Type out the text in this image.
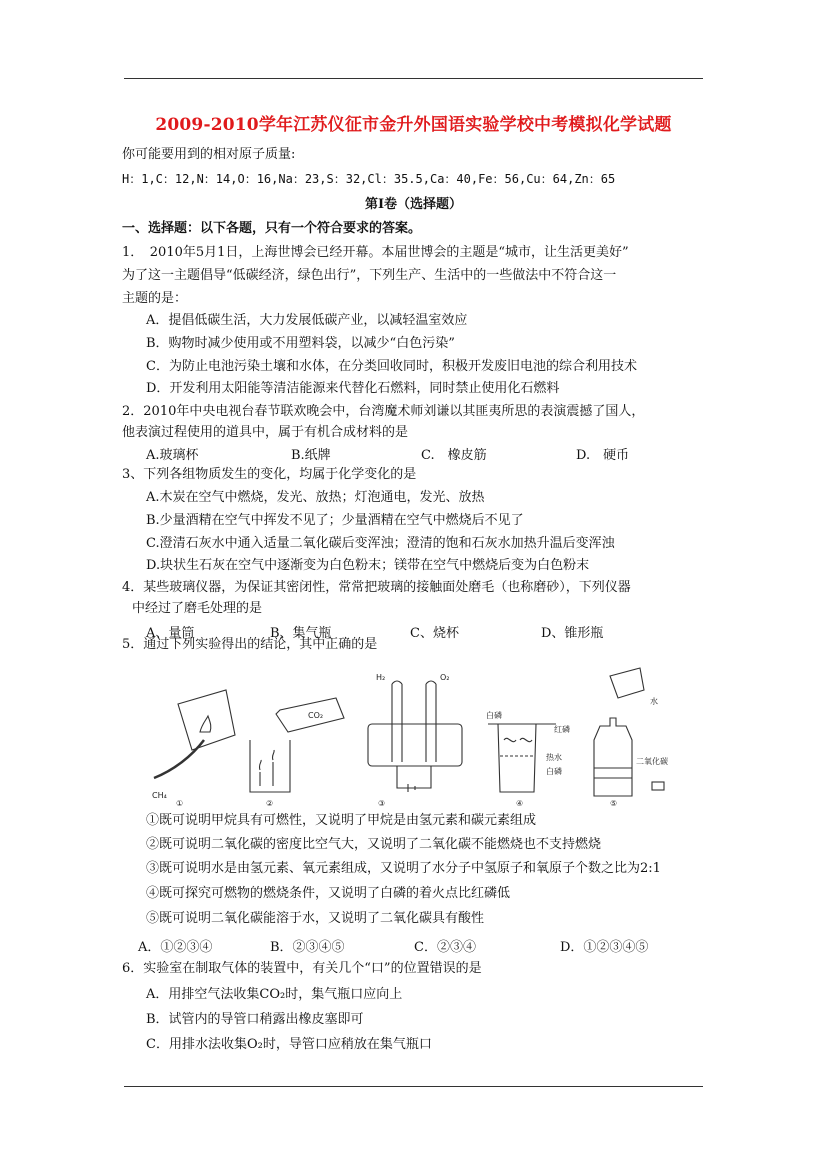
2009-2010学年江苏仪征市金升外国语实验学校中考模拟化学试题
你可能要用到的相对原子质量:
H：1,C：12,N：14,O：16,Na：23,S：32,Cl：35.5,Ca：40,Fe：56,Cu：64,Zn：65
第Ⅰ卷（选择题）
一、选择题：以下各题，只有一个符合要求的答案。
1．　2010年5月1日，上海世博会已经开幕。本届世博会的主题是“城市，让生活更美好”
为了这一主题倡导“低碳经济，绿色出行”，下列生产、生活中的一些做法中不符合这一
主题的是：
A．提倡低碳生活，大力发展低碳产业，以减轻温室效应
B．购物时减少使用或不用塑料袋，以减少“白色污染”
C．为防止电池污染土壤和水体，在分类回收同时，积极开发废旧电池的综合利用技术
D．开发利用太阳能等清洁能源来代替化石燃料，同时禁止使用化石燃料
2．2010年中央电视台春节联欢晚会中，台湾魔术师刘谦以其匪夷所思的表演震撼了国人，
他表演过程使用的道具中，属于有机合成材料的是
A.玻璃杯	B.纸牌	C.　橡皮筋	D.　硬币
3、下列各组物质发生的变化，均属于化学变化的是
A.木炭在空气中燃烧，发光、放热；灯泡通电，发光、放热
B.少量酒精在空气中挥发不见了；少量酒精在空气中燃烧后不见了
C.澄清石灰水中通入适量二氧化碳后变浑浊；澄清的饱和石灰水加热升温后变浑浊
D.块状生石灰在空气中逐渐变为白色粉末；镁带在空气中燃烧后变为白色粉末
4．某些玻璃仪器，为保证其密闭性，常常把玻璃的接触面处磨毛（也称磨砂），下列仪器
中经过了磨毛处理的是
A、量筒	B、集气瓶	C、烧杯	D、锥形瓶
5．通过下列实验得出的结论，其中正确的是
CH₄
CO₂
H₂	O₂
白磷
红磷
热水
白磷
水
二氧化碳
①	②	③	④	⑤
①既可说明甲烷具有可燃性，又说明了甲烷是由氢元素和碳元素组成
②既可说明二氧化碳的密度比空气大，又说明了二氧化碳不能燃烧也不支持燃烧
③既可说明水是由氢元素、氧元素组成，又说明了水分子中氢原子和氧原子个数之比为2:1
④既可探究可燃物的燃烧条件，又说明了白磷的着火点比红磷低
⑤既可说明二氧化碳能溶于水，又说明了二氧化碳具有酸性
A．①②③④	B．②③④⑤	C．②③④	D．①②③④⑤
6．实验室在制取气体的装置中，有关几个“口”的位置错误的是
A．用排空气法收集CO₂时，集气瓶口应向上
B．试管内的导管口稍露出橡皮塞即可
C．用排水法收集O₂时，导管口应稍放在集气瓶口
